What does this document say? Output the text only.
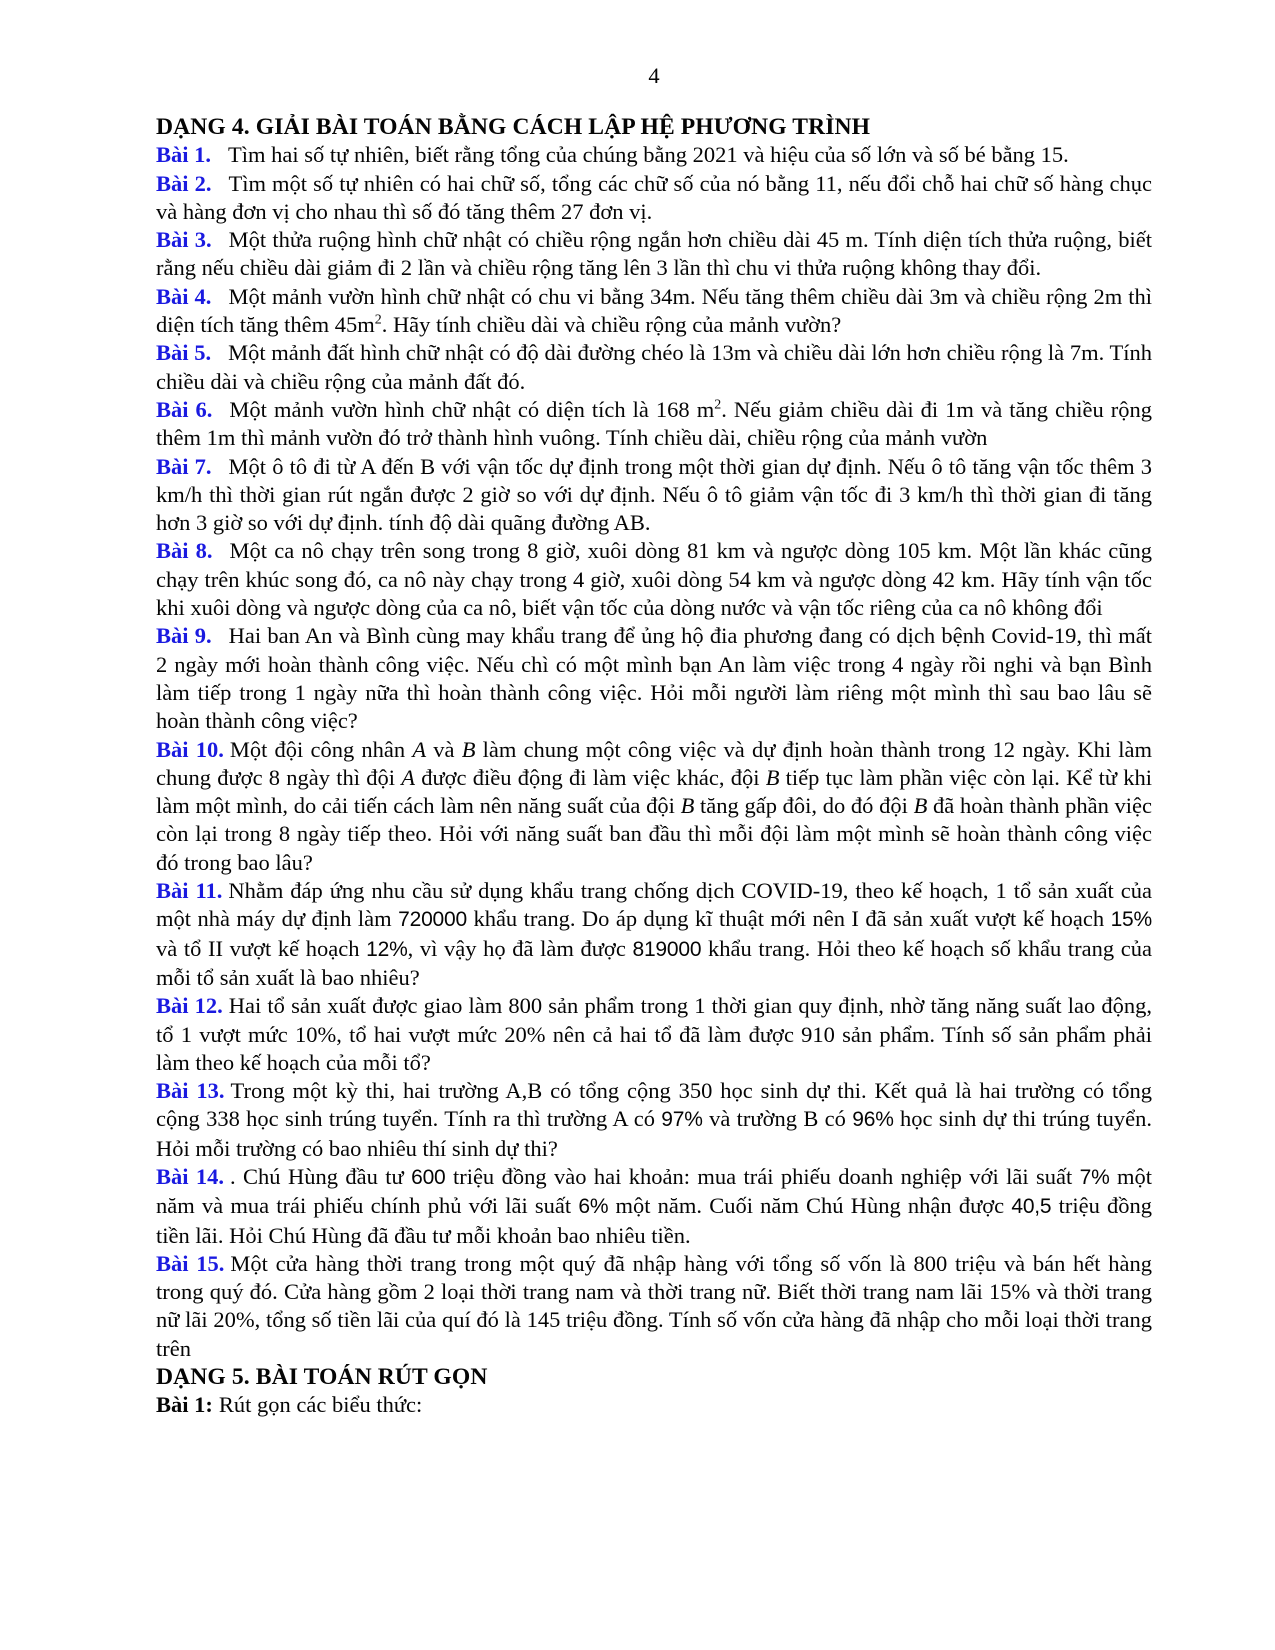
4

DẠNG 4. GIẢI BÀI TOÁN BẰNG CÁCH LẬP HỆ PHƯƠNG TRÌNH

Bài 1. Tìm hai số tự nhiên, biết rằng tổng của chúng bằng 2021 và hiệu của số lớn và số bé bằng 15.

Bài 2. Tìm một số tự nhiên có hai chữ số, tổng các chữ số của nó bằng 11, nếu đổi chỗ hai chữ số hàng chục và hàng đơn vị cho nhau thì số đó tăng thêm 27 đơn vị.

Bài 3. Một thửa ruộng hình chữ nhật có chiều rộng ngắn hơn chiều dài 45 m. Tính diện tích thửa ruộng, biết rằng nếu chiều dài giảm đi 2 lần và chiều rộng tăng lên 3 lần thì chu vi thửa ruộng không thay đổi.

Bài 4. Một mảnh vườn hình chữ nhật có chu vi bằng 34m. Nếu tăng thêm chiều dài 3m và chiều rộng 2m thì diện tích tăng thêm $45m^2$. Hãy tính chiều dài và chiều rộng của mảnh vườn?

Bài 5. Một mảnh đất hình chữ nhật có độ dài đường chéo là 13m và chiều dài lớn hơn chiều rộng là 7m. Tính chiều dài và chiều rộng của mảnh đất đó.

Bài 6. Một mảnh vườn hình chữ nhật có diện tích là 168 $m^2$. Nếu giảm chiều dài đi 1m và tăng chiều rộng thêm 1m thì mảnh vườn đó trở thành hình vuông. Tính chiều dài, chiều rộng của mảnh vườn

Bài 7. Một ô tô đi từ A đến B với vận tốc dự định trong một thời gian dự định. Nếu ô tô tăng vận tốc thêm 3 km/h thì thời gian rút ngắn được 2 giờ so với dự định. Nếu ô tô giảm vận tốc đi 3 km/h thì thời gian đi tăng hơn 3 giờ so với dự định. tính độ dài quãng đường AB.

Bài 8. Một ca nô chạy trên song trong 8 giờ, xuôi dòng 81 km và ngược dòng 105 km. Một lần khác cũng chạy trên khúc song đó, ca nô này chạy trong 4 giờ, xuôi dòng 54 km và ngược dòng 42 km. Hãy tính vận tốc khi xuôi dòng và ngược dòng của ca nô, biết vận tốc của dòng nước và vận tốc riêng của ca nô không đổi

Bài 9. Hai ban An và Bình cùng may khẩu trang để ủng hộ đia phương đang có dịch bệnh Covid-19, thì mất 2 ngày mới hoàn thành công việc. Nếu chì có một mình bạn An làm việc trong 4 ngày rồi nghi và bạn Bình làm tiếp trong 1 ngày nữa thì hoàn thành công việc. Hỏi mỗi người làm riêng một mình thì sau bao lâu sẽ hoàn thành công việc?

Bài 10. Một đội công nhân A và B làm chung một công việc và dự định hoàn thành trong 12 ngày. Khi làm chung được 8 ngày thì đội A được điều động đi làm việc khác, đội B tiếp tục làm phần việc còn lại. Kể từ khi làm một mình, do cải tiến cách làm nên năng suất của đội B tăng gấp đôi, do đó đội B đã hoàn thành phần việc còn lại trong 8 ngày tiếp theo. Hỏi với năng suất ban đầu thì mỗi đội làm một mình sẽ hoàn thành công việc đó trong bao lâu?

Bài 11. Nhằm đáp ứng nhu cầu sử dụng khẩu trang chống dịch COVID-19, theo kế hoạch, 1 tổ sản xuất của một nhà máy dự định làm 720000 khẩu trang. Do áp dụng kĩ thuật mới nên I đã sản xuất vượt kế hoạch 15% và tổ II vượt kế hoạch 12%, vì vậy họ đã làm được 819000 khẩu trang. Hỏi theo kế hoạch số khẩu trang của mỗi tổ sản xuất là bao nhiêu?

Bài 12. Hai tổ sản xuất được giao làm 800 sản phẩm trong 1 thời gian quy định, nhờ tăng năng suất lao động, tổ 1 vượt mức 10%, tổ hai vượt mức 20% nên cả hai tổ đã làm được 910 sản phẩm. Tính số sản phẩm phải làm theo kế hoạch của mỗi tổ?

Bài 13. Trong một kỳ thi, hai trường A,B có tổng cộng 350 học sinh dự thi. Kết quả là hai trường có tổng cộng 338 học sinh trúng tuyển. Tính ra thì trường A có 97% và trường B có 96% học sinh dự thi trúng tuyển. Hỏi mỗi trường có bao nhiêu thí sinh dự thi?

Bài 14. . Chú Hùng đầu tư 600 triệu đồng vào hai khoản: mua trái phiếu doanh nghiệp với lãi suất 7% một năm và mua trái phiếu chính phủ với lãi suất 6% một năm. Cuối năm Chú Hùng nhận được 40,5 triệu đồng tiền lãi. Hỏi Chú Hùng đã đầu tư mỗi khoản bao nhiêu tiền.

Bài 15. Một cửa hàng thời trang trong một quý đã nhập hàng với tổng số vốn là 800 triệu và bán hết hàng trong quý đó. Cửa hàng gồm 2 loại thời trang nam và thời trang nữ. Biết thời trang nam lãi 15% và thời trang nữ lãi 20%, tổng số tiền lãi của quí đó là 145 triệu đồng. Tính số vốn cửa hàng đã nhập cho mỗi loại thời trang trên

DẠNG 5. BÀI TOÁN RÚT GỌN

Bài 1: Rút gọn các biểu thức:
